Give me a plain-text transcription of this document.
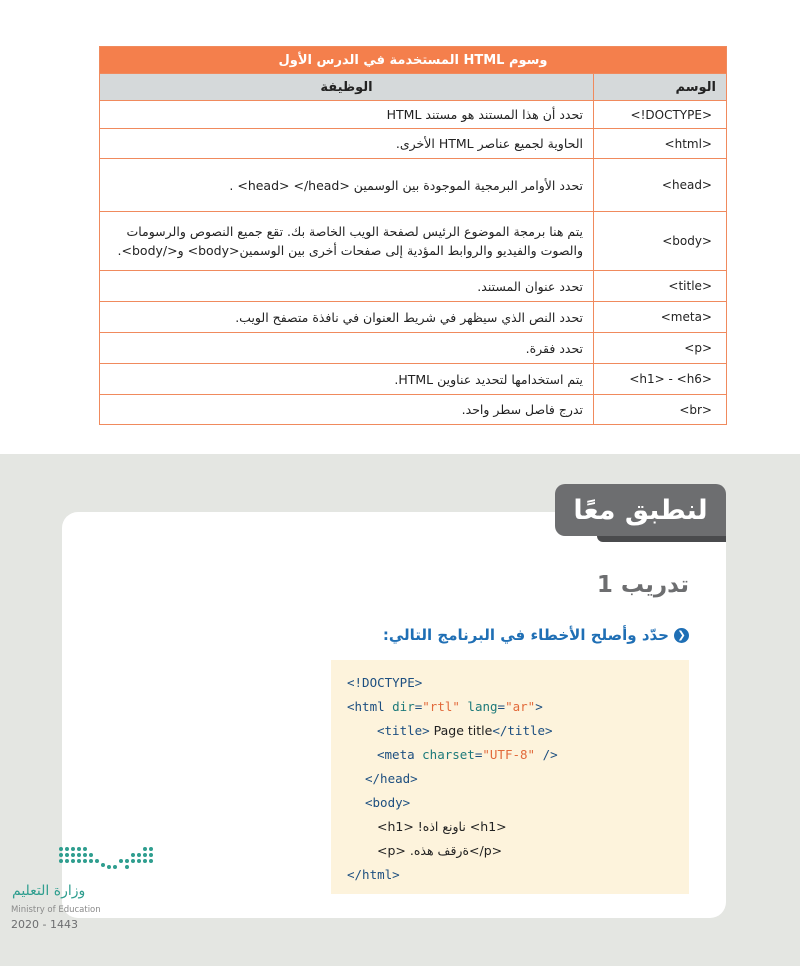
وسوم HTML المستخدمة في الدرس الأول
الوسم
الوظيفة
<!DOCTYPE>
تحدد أن هذا المستند هو مستند HTML
<html>
الحاوية لجميع عناصر HTML الأخرى.
<head>
تحدد الأوامر البرمجية الموجودة بين الوسمين <head> </head> .
<body>
يتم هنا برمجة الموضوع الرئيس لصفحة الويب الخاصة بك. تقع جميع النصوص والرسومات والصوت والفيديو والروابط المؤدية إلى صفحات أخرى بين الوسمين<body> و</body>.
<title>
تحدد عنوان المستند.
<meta>
تحدد النص الذي سيظهر في شريط العنوان في نافذة متصفح الويب.
<p>
تحدد فقرة.
<h1> - <h6>
يتم استخدامها لتحديد عناوين HTML.
<br>
تدرج فاصل سطر واحد.
لنطبق معًا
تدريب 1
❮
حدّد وأصلح الأخطاء في البرنامج التالي:
<!DOCTYPE>
<html dir="rtl" lang="ar">
<title> Page title</title>
<meta charset="UTF-8" />
</head>
<body>
<h1> !هذا عنوان <h1>
<p> .هذه فقرة</p>
</html>
وزارة التعليم
Ministry of Education
2020 - 1443
